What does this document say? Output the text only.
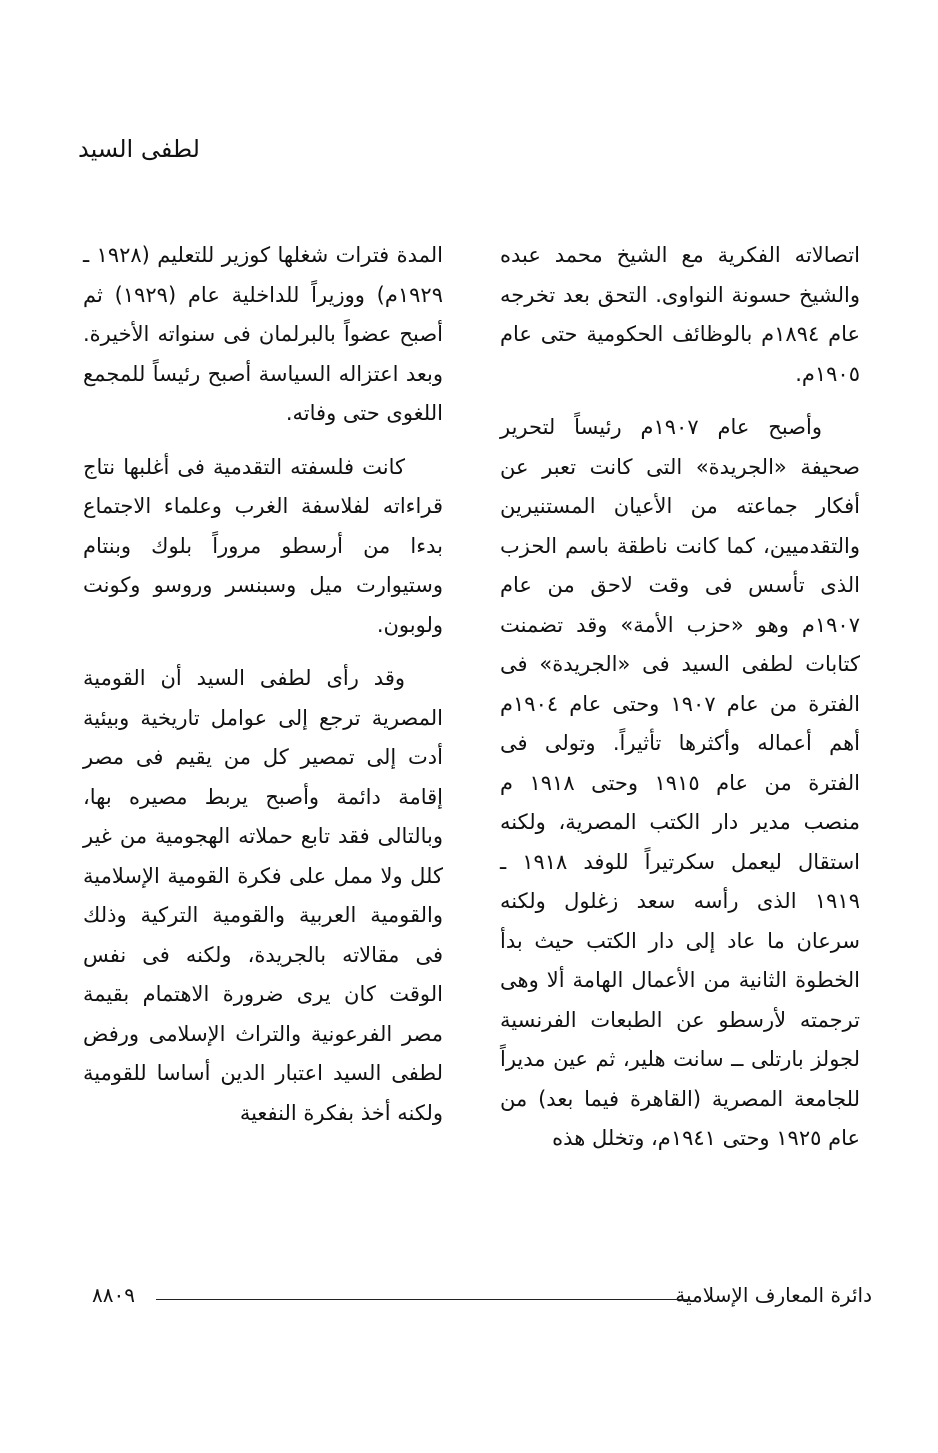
لطفى السيد

اتصالاته الفكرية مع الشيخ محمد عبده والشيخ حسونة النواوى. التحق بعد تخرجه عام ١٨٩٤م بالوظائف الحكومية حتى عام ١٩٠٥م.

وأصبح عام ١٩٠٧م رئيساً لتحرير صحيفة «الجريدة» التى كانت تعبر عن أفكار جماعته من الأعيان المستنيرين والتقدميين، كما كانت ناطقة باسم الحزب الذى تأسس فى وقت لاحق من عام ١٩٠٧م وهو «حزب الأمة» وقد تضمنت كتابات لطفى السيد فى «الجريدة» فى الفترة من عام ١٩٠٧ وحتى عام ١٩٠٤م أهم أعماله وأكثرها تأثيراً. وتولى فى الفترة من عام ١٩١٥ وحتى ١٩١٨ م منصب مدير دار الكتب المصرية، ولكنه استقال ليعمل سكرتيراً للوفد ١٩١٨ ـ ١٩١٩ الذى رأسه سعد زغلول ولكنه سرعان ما عاد إلى دار الكتب حيث بدأ الخطوة الثانية من الأعمال الهامة ألا وهى ترجمته لأرسطو عن الطبعات الفرنسية لجولز بارتلى ــ سانت هلير، ثم عين مديراً للجامعة المصرية (القاهرة فيما بعد) من عام ١٩٢٥ وحتى ١٩٤١م، وتخلل هذه

المدة فترات شغلها كوزير للتعليم (١٩٢٨ ـ ١٩٢٩م) ووزيراً للداخلية عام (١٩٢٩) ثم أصبح عضواً بالبرلمان فى سنواته الأخيرة. وبعد اعتزاله السياسة أصبح رئيساً للمجمع اللغوى حتى وفاته.

كانت فلسفته التقدمية فى أغلبها نتاج قراءاته لفلاسفة الغرب وعلماء الاجتماع بدءا من أرسطو مروراً بلوك وبنتام وستيوارت ميل وسبنسر وروسو وكونت ولوبون.

وقد رأى لطفى السيد أن القومية المصرية ترجع إلى عوامل تاريخية وبيئية أدت إلى تمصير كل من يقيم فى مصر إقامة دائمة وأصبح يربط مصيره بها، وبالتالى فقد تابع حملاته الهجومية من غير كلل ولا ممل على فكرة القومية الإسلامية والقومية العربية والقومية التركية وذلك فى مقالاته بالجريدة، ولكنه فى نفس الوقت كان يرى ضرورة الاهتمام بقيمة مصر الفرعونية والتراث الإسلامى ورفض لطفى السيد اعتبار الدين أساسا للقومية ولكنه أخذ بفكرة النفعية

دائرة المعارف الإسلامية
٨٨٠٩
